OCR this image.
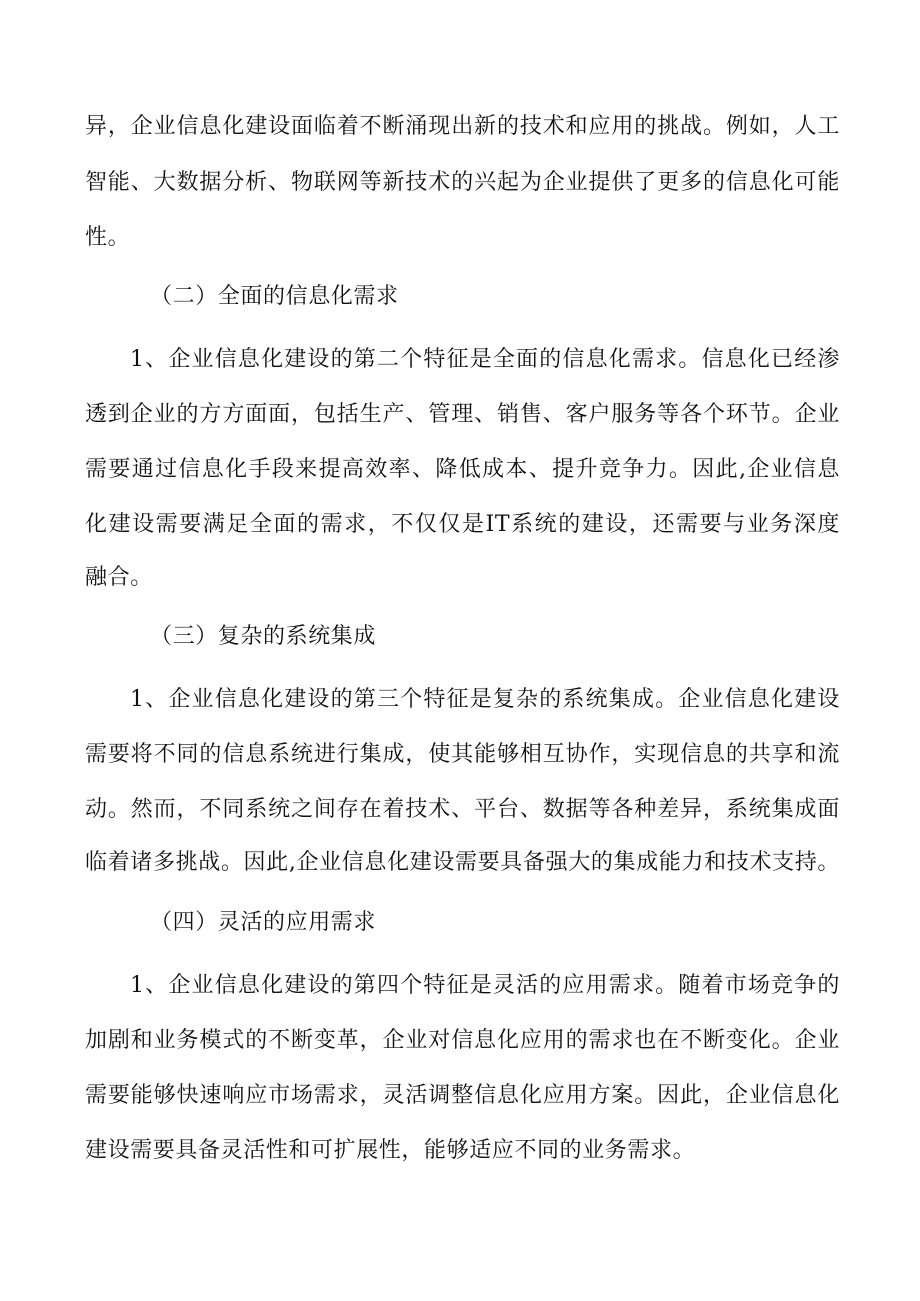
异，企业信息化建设面临着不断涌现出新的技术和应用的挑战。例如，人工
智能、大数据分析、物联网等新技术的兴起为企业提供了更多的信息化可能
性。
（二）全面的信息化需求
1、企业信息化建设的第二个特征是全面的信息化需求。信息化已经渗
透到企业的方方面面，包括生产、管理、销售、客户服务等各个环节。企业
需要通过信息化手段来提高效率、降低成本、提升竞争力。因此,企业信息
化建设需要满足全面的需求，不仅仅是IT系统的建设，还需要与业务深度
融合。
（三）复杂的系统集成
1、企业信息化建设的第三个特征是复杂的系统集成。企业信息化建设
需要将不同的信息系统进行集成，使其能够相互协作，实现信息的共享和流
动。然而，不同系统之间存在着技术、平台、数据等各种差异，系统集成面
临着诸多挑战。因此,企业信息化建设需要具备强大的集成能力和技术支持。
（四）灵活的应用需求
1、企业信息化建设的第四个特征是灵活的应用需求。随着市场竞争的
加剧和业务模式的不断变革，企业对信息化应用的需求也在不断变化。企业
需要能够快速响应市场需求，灵活调整信息化应用方案。因此，企业信息化
建设需要具备灵活性和可扩展性，能够适应不同的业务需求。
